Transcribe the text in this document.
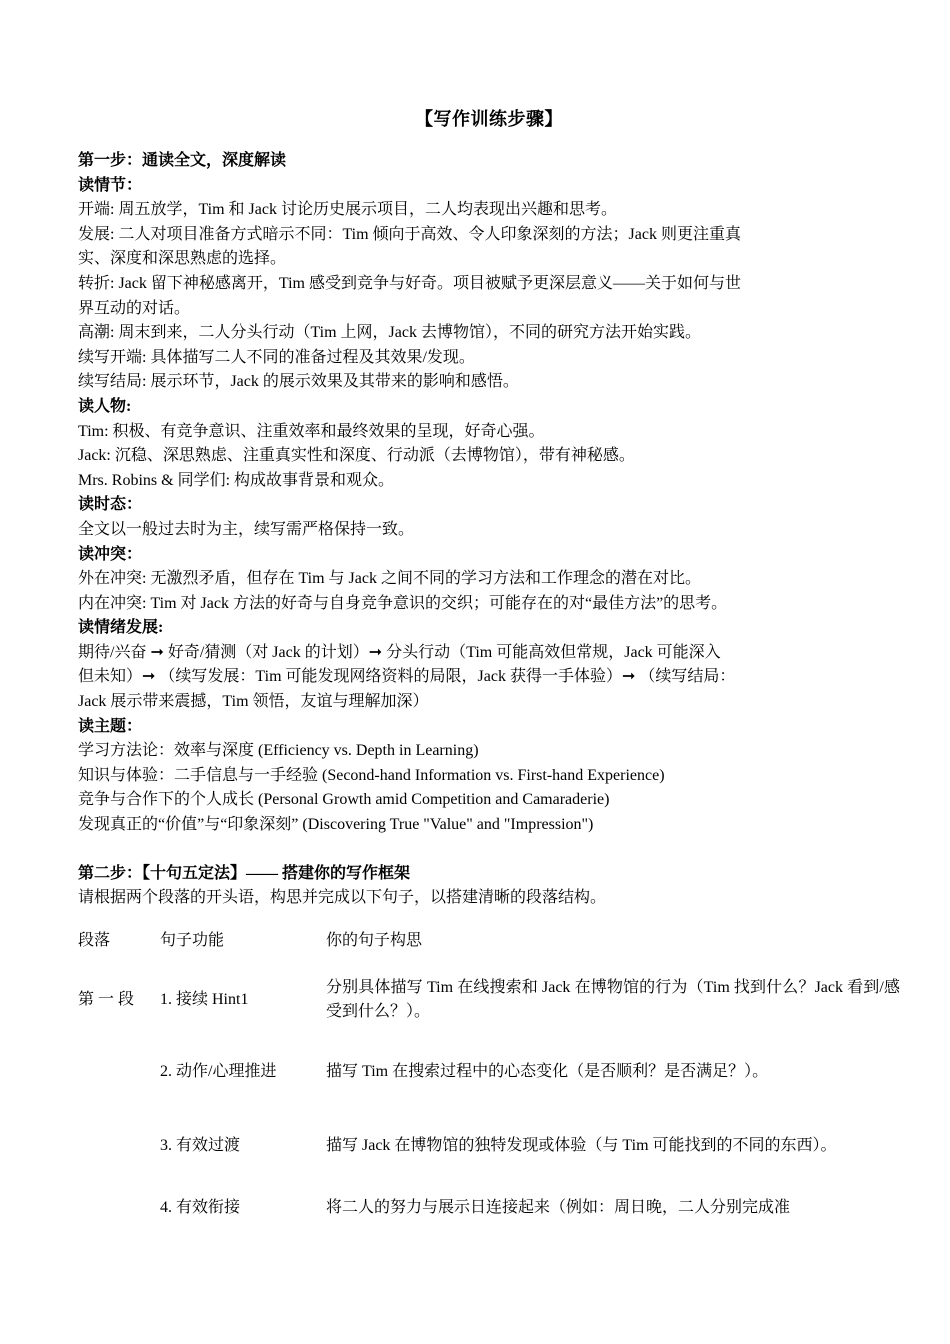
【写作训练步骤】

第一步：通读全文，深度解读

读情节：

开端: 周五放学，Tim 和 Jack 讨论历史展示项目，二人均表现出兴趣和思考。

发展: 二人对项目准备方式暗示不同：Tim 倾向于高效、令人印象深刻的方法；Jack 则更注重真

实、深度和深思熟虑的选择。

转折: Jack 留下神秘感离开，Tim 感受到竞争与好奇。项目被赋予更深层意义——关于如何与世

界互动的对话。

高潮: 周末到来，二人分头行动（Tim 上网，Jack 去博物馆），不同的研究方法开始实践。

续写开端: 具体描写二人不同的准备过程及其效果/发现。

续写结局: 展示环节，Jack 的展示效果及其带来的影响和感悟。

读人物:

Tim: 积极、有竞争意识、注重效率和最终效果的呈现，好奇心强。

Jack: 沉稳、深思熟虑、注重真实性和深度、行动派（去博物馆），带有神秘感。

Mrs. Robins & 同学们: 构成故事背景和观众。

读时态：

全文以一般过去时为主，续写需严格保持一致。

读冲突：

外在冲突: 无激烈矛盾，但存在 Tim 与 Jack 之间不同的学习方法和工作理念的潜在对比。

内在冲突: Tim 对 Jack 方法的好奇与自身竞争意识的交织；可能存在的对“最佳方法”的思考。

读情绪发展:

期待/兴奋 ➞ 好奇/猜测（对 Jack 的计划）➞ 分头行动（Tim 可能高效但常规，Jack 可能深入

但未知）➞ （续写发展：Tim 可能发现网络资料的局限，Jack 获得一手体验）➞ （续写结局：

Jack 展示带来震撼，Tim 领悟，友谊与理解加深）

读主题：

学习方法论：效率与深度 (Efficiency vs. Depth in Learning)

知识与体验：二手信息与一手经验 (Second-hand Information vs. First-hand Experience)

竞争与合作下的个人成长 (Personal Growth amid Competition and Camaraderie)

发现真正的“价值”与“印象深刻” (Discovering True "Value" and "Impression")

第二步：【十句五定法】—— 搭建你的写作框架

请根据两个段落的开头语，构思并完成以下句子，以搭建清晰的段落结构。

段落	句子功能	你的句子构思
第 一 段	1. 接续 Hint1	分别具体描写 Tim 在线搜索和 Jack 在博物馆的行为（Tim 找到什么？Jack 看到/感受到什么？）。
	2. 动作/心理推进	描写 Tim 在搜索过程中的心态变化（是否顺利？是否满足？）。
	3. 有效过渡	描写 Jack 在博物馆的独特发现或体验（与 Tim 可能找到的不同的东西）。
	4. 有效衔接	将二人的努力与展示日连接起来（例如：周日晚，二人分别完成准
